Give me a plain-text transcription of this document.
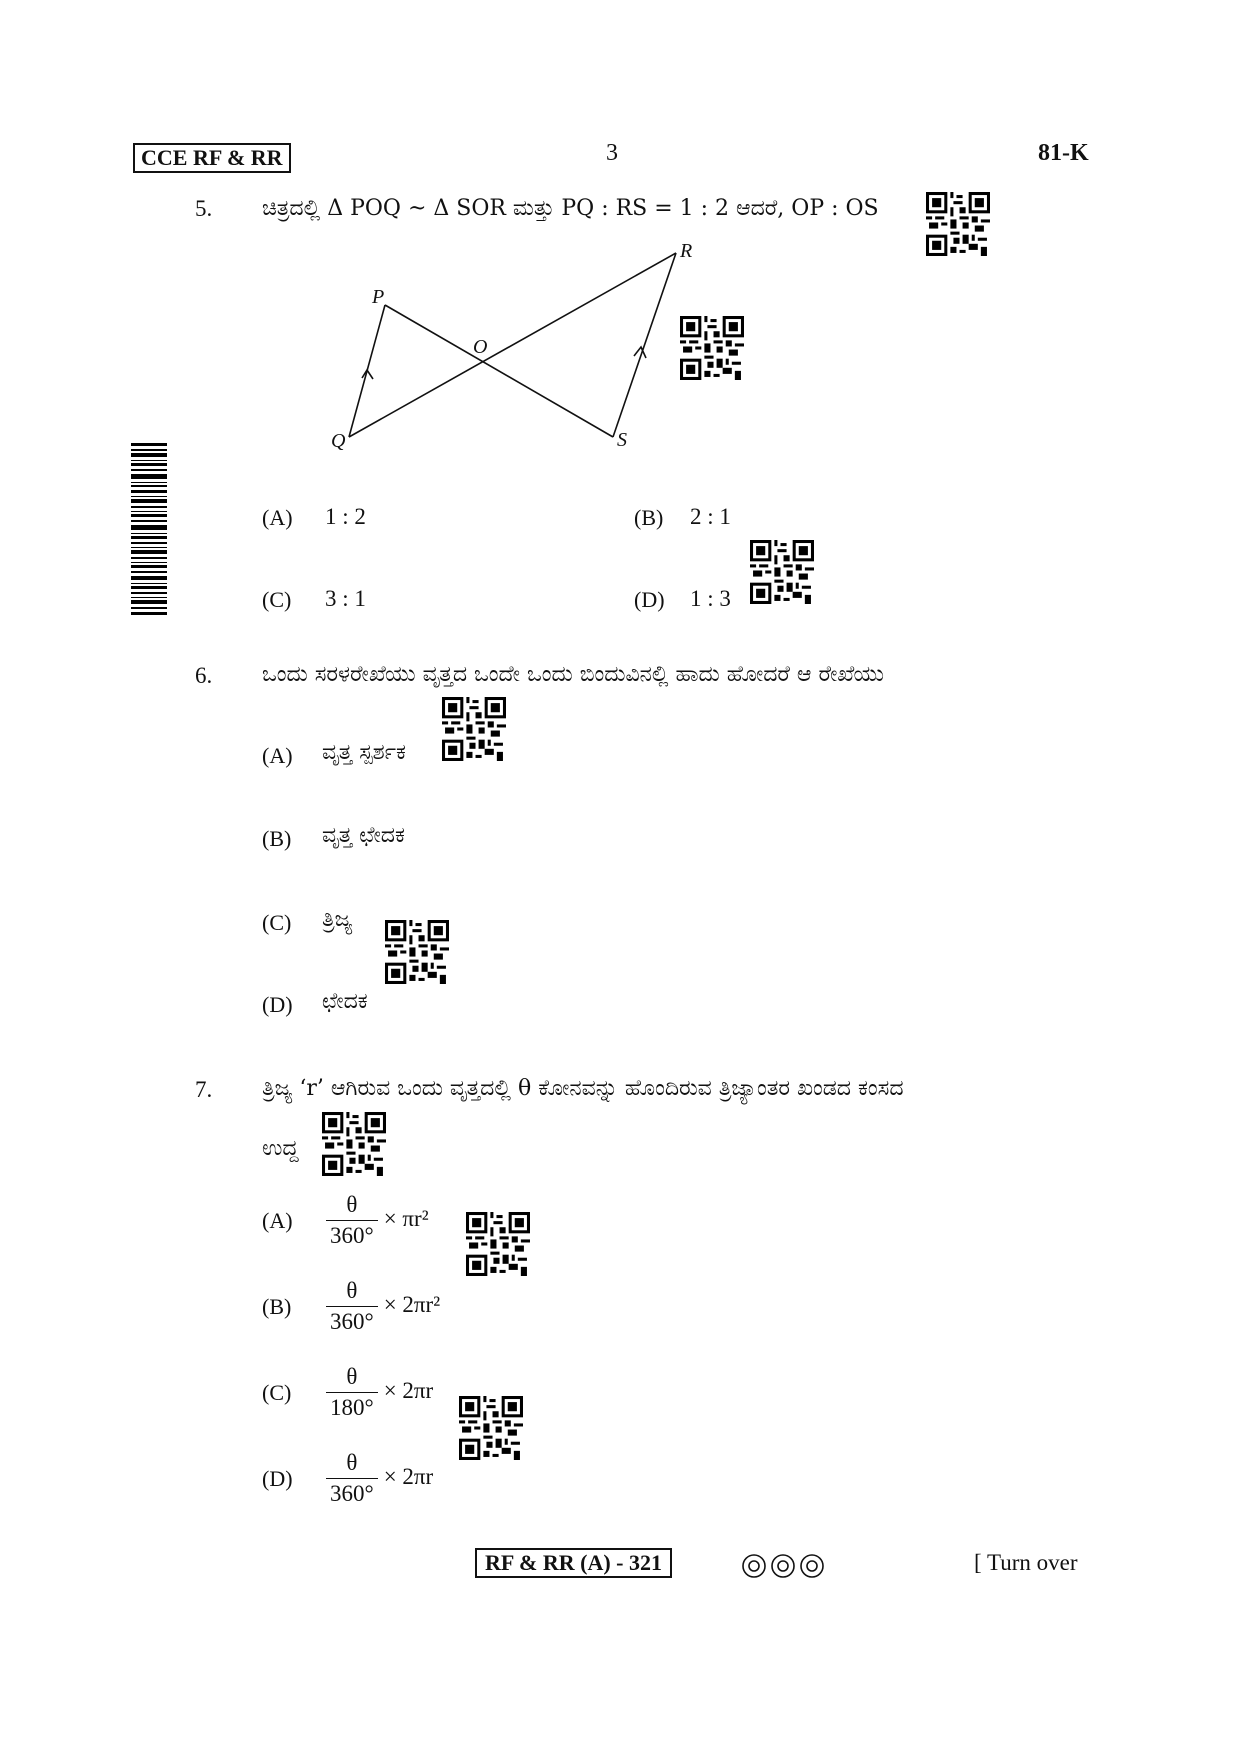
CCE RF & RR	3	81-K
5. ಚಿತ್ರದಲ್ಲಿ Δ POQ ~ Δ SOR ಮತ್ತು PQ : RS = 1 : 2 ಆದರೆ, OP : OS
P
Q
O
R
S
(A) 1 : 2	(B) 2 : 1
(C) 3 : 1	(D) 1 : 3
6. ಒಂದು ಸರಳರೇಖೆಯು ವೃತ್ತದ ಒಂದೇ ಒಂದು ಬಿಂದುವಿನಲ್ಲಿ ಹಾದು ಹೋದರೆ ಆ ರೇಖೆಯು
(A) ವೃತ್ತ ಸ್ಪರ್ಶಕ
(B) ವೃತ್ತ ಛೇದಕ
(C) ತ್ರಿಜ್ಯ
(D) ಛೇದಕ
7. ತ್ರಿಜ್ಯ ‘r’ ಆಗಿರುವ ಒಂದು ವೃತ್ತದಲ್ಲಿ θ ಕೋನವನ್ನು ಹೊಂದಿರುವ ತ್ರಿಜ್ಯಾಂತರ ಖಂಡದ ಕಂಸದ
ಉದ್ದ
$(A) \frac{\theta}{360^\circ} \times \pi r^2$
$(B) \frac{\theta}{360^\circ} \times 2\pi r^2$
$(C) \frac{\theta}{180^\circ} \times 2\pi r$
$(D) \frac{\theta}{360^\circ} \times 2\pi r$
RF & RR (A) - 321	[ Turn over
